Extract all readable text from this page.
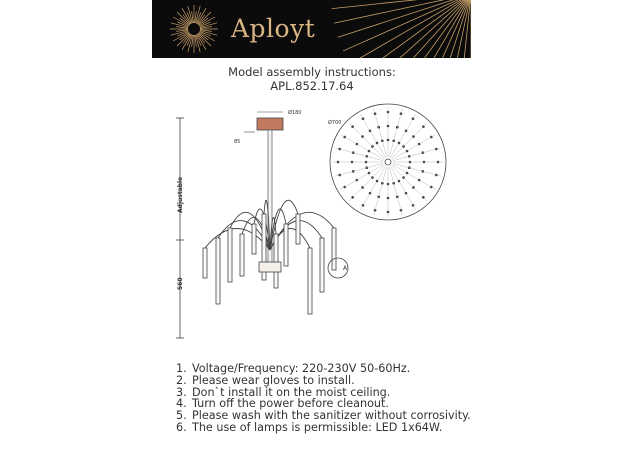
Aployt
Model assembly instructions:
APL.852.17.64
Adjustable
560
Ø180
85
A
Ø700
1. Voltage/Frequency: 220-230V 50-60Hz.
2. Please wear gloves to install.
3. Don`t install it on the moist ceiling.
4. Turn off the power before cleanout.
5. Please wash with the sanitizer without corrosivity.
6. The use of lamps is permissible: LED 1x64W.
